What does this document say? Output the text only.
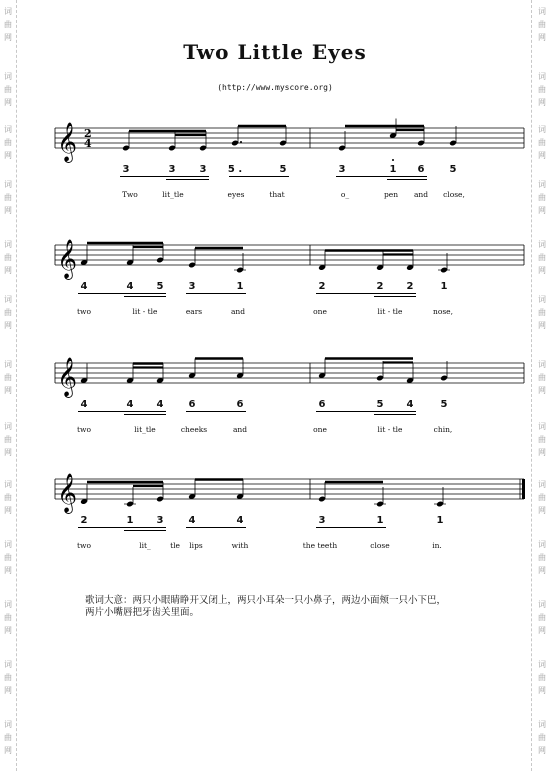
词
曲
网
词
曲
网
词
曲
网
词
曲
网
词
曲
网
词
曲
网
词
曲
网
词
曲
网
词
曲
网
词
曲
网
词
曲
网
词
曲
网
词
曲
网
词
曲
网
词
曲
网
词
曲
网
词
曲
网
词
曲
网
词
曲
网
词
曲
网
词
曲
网
词
曲
网
词
曲
网
词
曲
网
词
曲
网
词
曲
网
Two Little Eyes
(http://www.myscore.org)
𝄞 2
4
3	3	3	5 .	5	3	1	6	5
Two	lit_tle	eyes	that	o_	pen	and	close,
𝄞
4	4	5	3	1	2	2	2	1
two	lit - tle	ears	and	one	lit - tle	nose,
𝄞
4	4	4	6	6	6	5	4	5
two	lit_tle	cheeks	and	one	lit - tle	chin,
𝄞
2	1	3	4	4	3	1	1
two	lit_	tle	lips	with	the teeth	close	in.
歌词大意：两只小眼睛睁开又闭上，两只小耳朵一只小鼻子，两边小面颊一只小下巴，
两片小嘴唇把牙齿关里面。
